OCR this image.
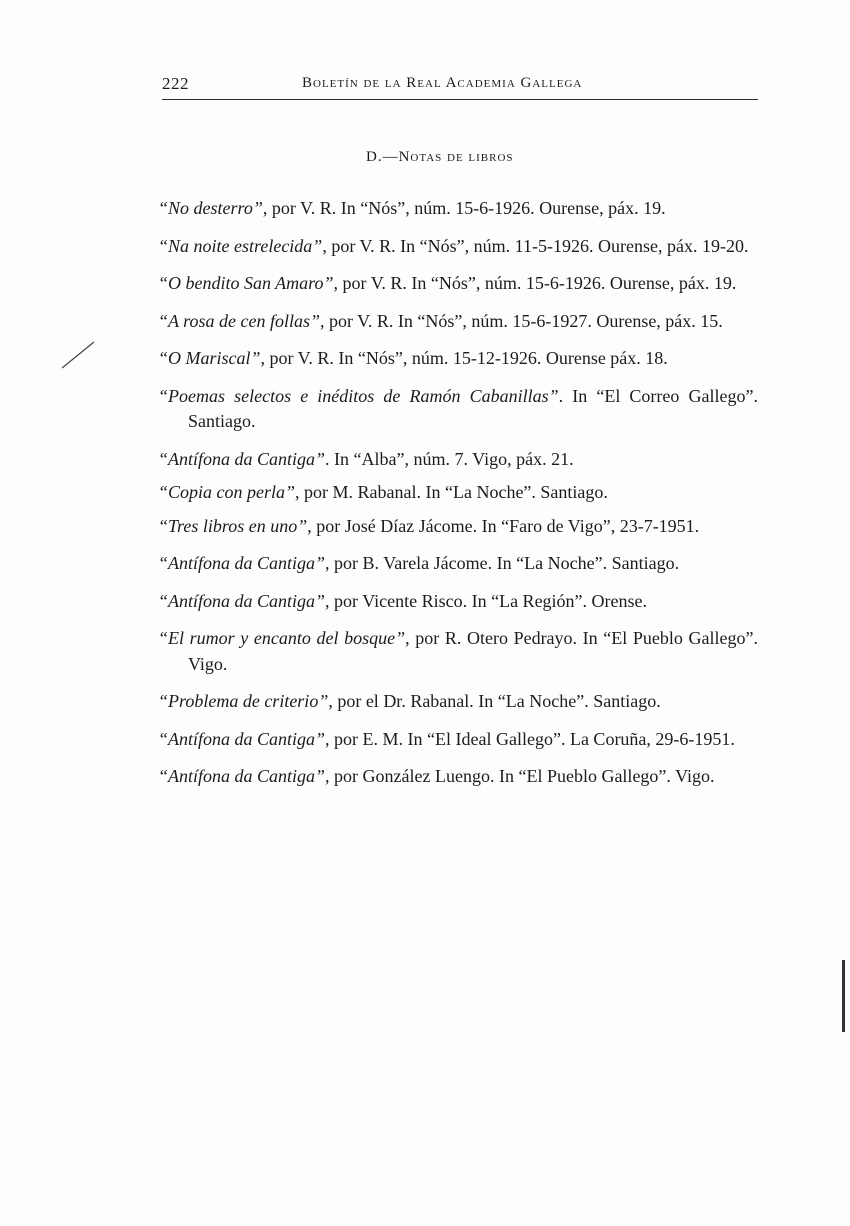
222	Boletín de la Real Academia Gallega
D.—Notas de libros
“No desterro”, por V. R. In “Nós”, núm. 15-6-1926. Ourense, páx. 19.
“Na noite estrelecida”, por V. R. In “Nós”, núm. 11-5-1926. Ourense, páx. 19-20.
“O bendito San Amaro”, por V. R. In “Nós”, núm. 15-6-1926. Ourense, páx. 19.
“A rosa de cen follas”, por V. R. In “Nós”, núm. 15-6-1927. Ourense, páx. 15.
“O Mariscal”, por V. R. In “Nós”, núm. 15-12-1926. Ourense páx. 18.
“Poemas selectos e inéditos de Ramón Cabanillas”. In “El Correo Gallego”. Santiago.
“Antífona da Cantiga”. In “Alba”, núm. 7. Vigo, páx. 21.
“Copia con perla”, por M. Rabanal. In “La Noche”. Santiago.
“Tres libros en uno”, por José Díaz Jácome. In “Faro de Vigo”, 23-7-1951.
“Antífona da Cantiga”, por B. Varela Jácome. In “La Noche”. Santiago.
“Antífona da Cantiga”, por Vicente Risco. In “La Región”. Orense.
“El rumor y encanto del bosque”, por R. Otero Pedrayo. In “El Pueblo Gallego”. Vigo.
“Problema de criterio”, por el Dr. Rabanal. In “La Noche”. Santiago.
“Antífona da Cantiga”, por E. M. In “El Ideal Gallego”. La Coruña, 29-6-1951.
“Antífona da Cantiga”, por González Luengo. In “El Pueblo Gallego”. Vigo.
